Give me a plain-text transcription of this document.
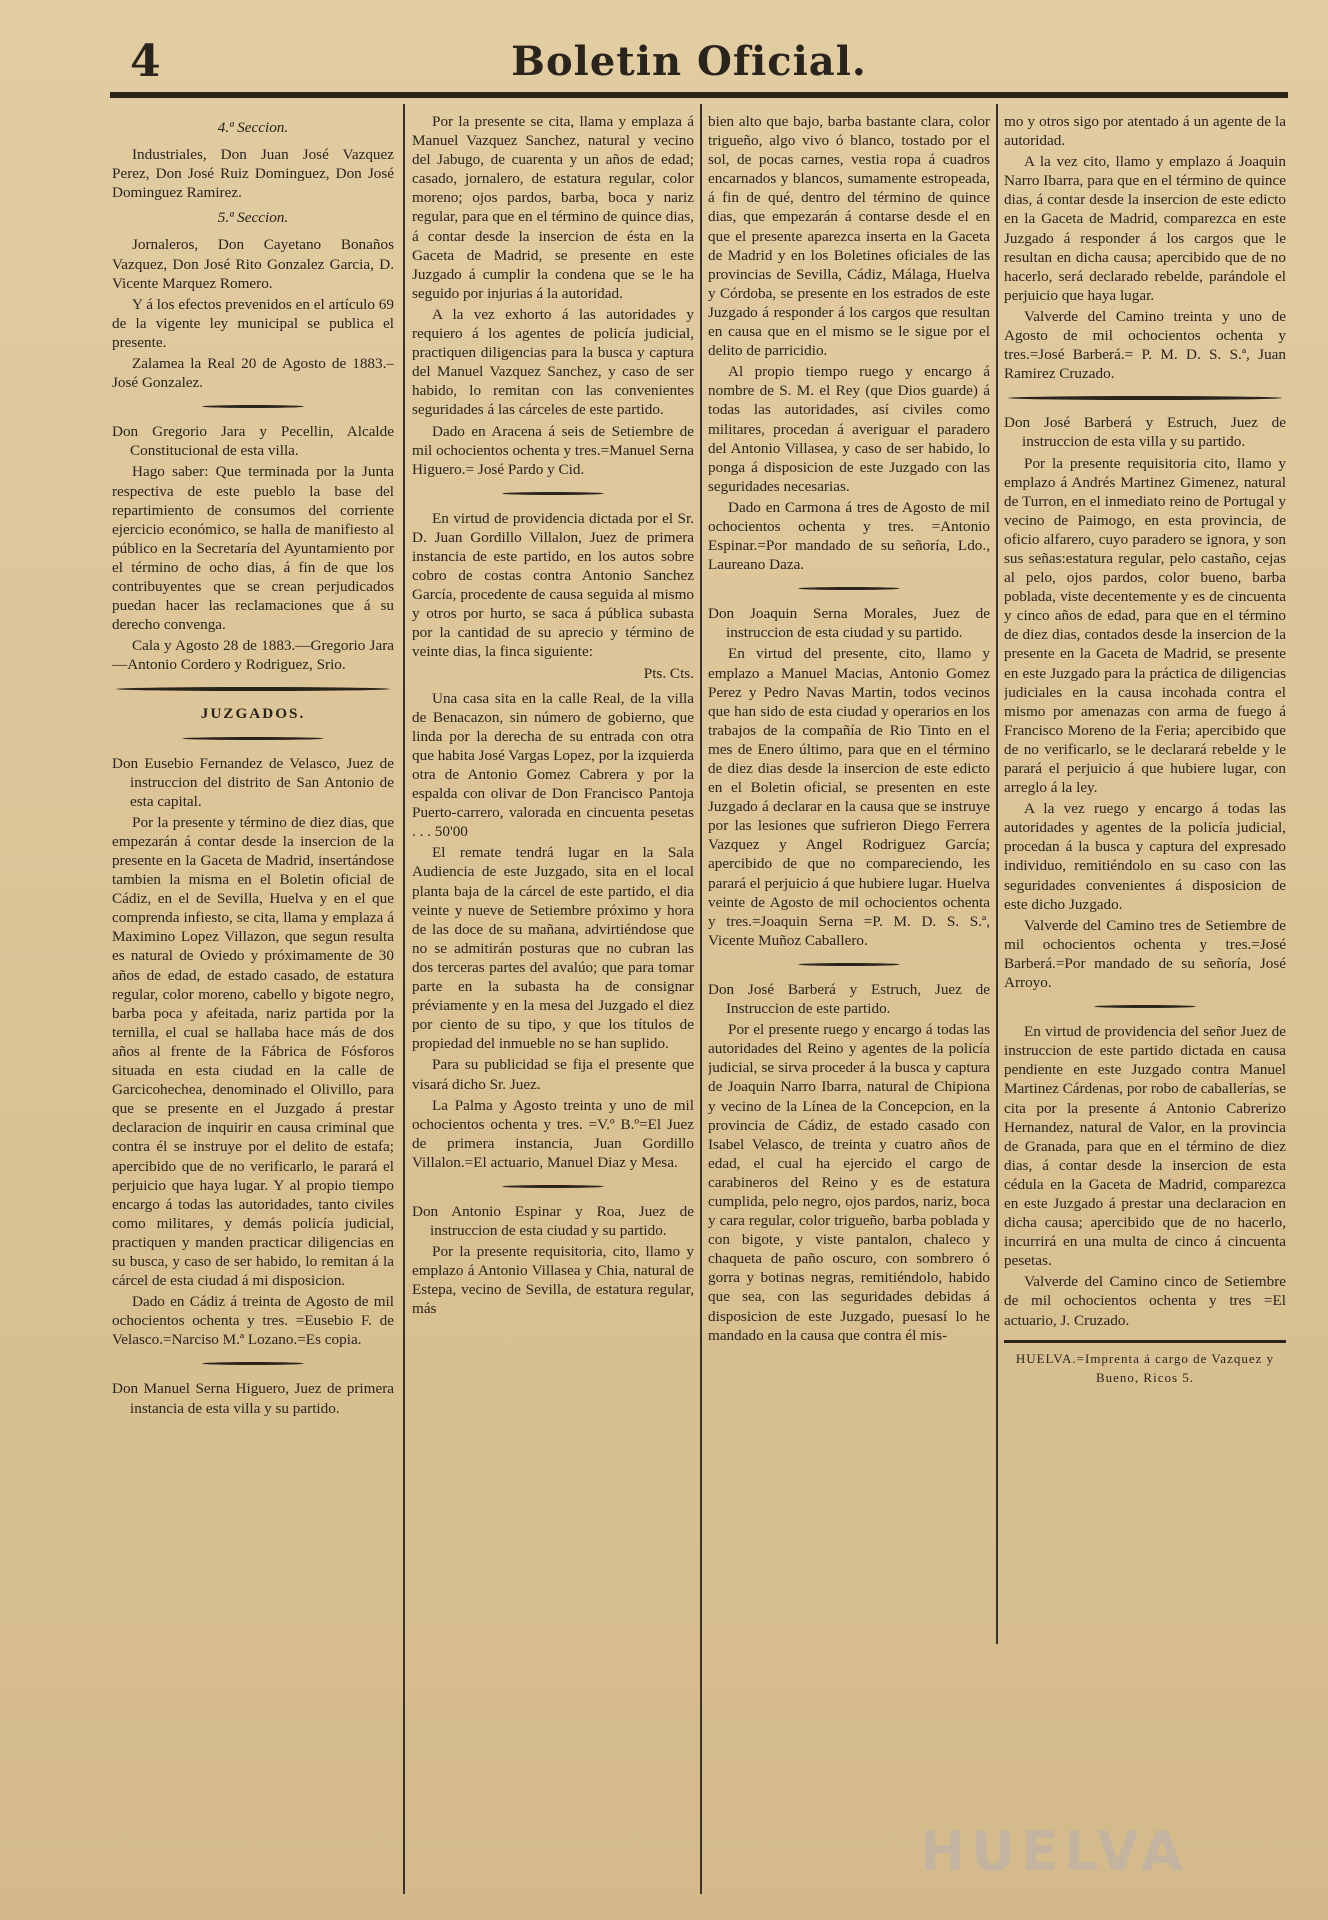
4	Boletin Oficial.

4.ª Seccion.

Industriales, Don Juan José Vazquez Perez, Don José Ruiz Dominguez, Don José Dominguez Ramirez.

5.ª Seccion.

Jornaleros, Don Cayetano Bonaños Vazquez, Don José Rito Gonzalez Garcia, D. Vicente Marquez Romero.

Y á los efectos prevenidos en el artículo 69 de la vigente ley municipal se publica el presente.

Zalamea la Real 20 de Agosto de 1883.–José Gonzalez.

Don Gregorio Jara y Pecellin, Alcalde Constitucional de esta villa.

Hago saber: Que terminada por la Junta respectiva de este pueblo la base del repartimiento de consumos del corriente ejercicio económico, se halla de manifiesto al público en la Secretaría del Ayuntamiento por el término de ocho dias, á fin de que los contribuyentes que se crean perjudicados puedan hacer las reclamaciones que á su derecho convenga.

Cala y Agosto 28 de 1883.—Gregorio Jara —Antonio Cordero y Rodriguez, Srio.

JUZGADOS.

Don Eusebio Fernandez de Velasco, Juez de instruccion del distrito de San Antonio de esta capital.

Por la presente y término de diez dias, que empezarán á contar desde la insercion de la presente en la Gaceta de Madrid, insertándose tambien la misma en el Boletin oficial de Cádiz, en el de Sevilla, Huelva y en el que comprenda infiesto, se cita, llama y emplaza á Maximino Lopez Villazon, que segun resulta es natural de Oviedo y próximamente de 30 años de edad, de estado casado, de estatura regular, color moreno, cabello y bigote negro, barba poca y afeitada, nariz partida por la ternilla, el cual se hallaba hace más de dos años al frente de la Fábrica de Fósforos situada en esta ciudad en la calle de Garcicohechea, denominado el Olivillo, para que se presente en el Juzgado á prestar declaracion de inquirir en causa criminal que contra él se instruye por el delito de estafa; apercibido que de no verificarlo, le parará el perjuicio que haya lugar. Y al propio tiempo encargo á todas las autoridades, tanto civiles como militares, y demás policía judicial, practiquen y manden practicar diligencias en su busca, y caso de ser habido, lo remitan á la cárcel de esta ciudad á mi disposicion.

Dado en Cádiz á treinta de Agosto de mil ochocientos ochenta y tres. =Eusebio F. de Velasco.=Narciso M.ª Lozano.=Es copia.

Don Manuel Serna Higuero, Juez de primera instancia de esta villa y su partido.

Por la presente se cita, llama y emplaza á Manuel Vazquez Sanchez, natural y vecino del Jabugo, de cuarenta y un años de edad; casado, jornalero, de estatura regular, color moreno; ojos pardos, barba, boca y nariz regular, para que en el término de quince dias, á contar desde la insercion de ésta en la Gaceta de Madrid, se presente en este Juzgado á cumplir la condena que se le ha seguido por injurias á la autoridad.

A la vez exhorto á las autoridades y requiero á los agentes de policía judicial, practiquen diligencias para la busca y captura del Manuel Vazquez Sanchez, y caso de ser habido, lo remitan con las convenientes seguridades á las cárceles de este partido.

Dado en Aracena á seis de Setiembre de mil ochocientos ochenta y tres.=Manuel Serna Higuero.= José Pardo y Cid.

En virtud de providencia dictada por el Sr. D. Juan Gordillo Villalon, Juez de primera instancia de este partido, en los autos sobre cobro de costas contra Antonio Sanchez García, procedente de causa seguida al mismo y otros por hurto, se saca á pública subasta por la cantidad de su aprecio y término de veinte dias, la finca siguiente:

Pts. Cts.

Una casa sita en la calle Real, de la villa de Benacazon, sin número de gobierno, que linda por la derecha de su entrada con otra que habita José Vargas Lopez, por la izquierda otra de Antonio Gomez Cabrera y por la espalda con olivar de Don Francisco Pantoja Puerto-carrero, valorada en cincuenta pesetas . . . 50'00

El remate tendrá lugar en la Sala Audiencia de este Juzgado, sita en el local planta baja de la cárcel de este partido, el dia veinte y nueve de Setiembre próximo y hora de las doce de su mañana, advirtiéndose que no se admitirán posturas que no cubran las dos terceras partes del avalúo; que para tomar parte en la subasta ha de consignar préviamente y en la mesa del Juzgado el diez por ciento de su tipo, y que los títulos de propiedad del inmueble no se han suplido.

Para su publicidad se fija el presente que visará dicho Sr. Juez.

La Palma y Agosto treinta y uno de mil ochocientos ochenta y tres. =V.º B.º=El Juez de primera instancia, Juan Gordillo Villalon.=El actuario, Manuel Diaz y Mesa.

Don Antonio Espinar y Roa, Juez de instruccion de esta ciudad y su partido.

Por la presente requisitoria, cito, llamo y emplazo á Antonio Villasea y Chia, natural de Estepa, vecino de Sevilla, de estatura regular, más

bien alto que bajo, barba bastante clara, color trigueño, algo vivo ó blanco, tostado por el sol, de pocas carnes, vestia ropa á cuadros encarnados y blancos, sumamente estropeada, á fin de qué, dentro del término de quince dias, que empezarán á contarse desde el en que el presente aparezca inserta en la Gaceta de Madrid y en los Boletines oficiales de las provincias de Sevilla, Cádiz, Málaga, Huelva y Córdoba, se presente en los estrados de este Juzgado á responder á los cargos que resultan en causa que en el mismo se le sigue por el delito de parricidio.

Al propio tiempo ruego y encargo á nombre de S. M. el Rey (que Dios guarde) á todas las autoridades, así civiles como militares, procedan á averiguar el paradero del Antonio Villasea, y caso de ser habido, lo ponga á disposicion de este Juzgado con las seguridades necesarias.

Dado en Carmona á tres de Agosto de mil ochocientos ochenta y tres. =Antonio Espinar.=Por mandado de su señoría, Ldo., Laureano Daza.

Don Joaquin Serna Morales, Juez de instruccion de esta ciudad y su partido.

En virtud del presente, cito, llamo y emplazo a Manuel Macias, Antonio Gomez Perez y Pedro Navas Martin, todos vecinos que han sido de esta ciudad y operarios en los trabajos de la compañía de Rio Tinto en el mes de Enero último, para que en el término de diez dias desde la insercion de este edicto en el Boletin oficial, se presenten en este Juzgado á declarar en la causa que se instruye por las lesiones que sufrieron Diego Ferrera Vazquez y Angel Rodriguez García; apercibido de que no compareciendo, les parará el perjuicio á que hubiere lugar. Huelva veinte de Agosto de mil ochocientos ochenta y tres.=Joaquin Serna =P. M. D. S. S.ª, Vicente Muñoz Caballero.

Don José Barberá y Estruch, Juez de Instruccion de este partido.

Por el presente ruego y encargo á todas las autoridades del Reino y agentes de la policía judicial, se sirva proceder á la busca y captura de Joaquin Narro Ibarra, natural de Chipiona y vecino de la Línea de la Concepcion, en la provincia de Cádiz, de estado casado con Isabel Velasco, de treinta y cuatro años de edad, el cual ha ejercido el cargo de carabineros del Reino y es de estatura cumplida, pelo negro, ojos pardos, nariz, boca y cara regular, color trigueño, barba poblada y con bigote, y viste pantalon, chaleco y chaqueta de paño oscuro, con sombrero ó gorra y botinas negras, remitiéndolo, habido que sea, con las seguridades debidas á disposicion de este Juzgado, puesasí lo he mandado en la causa que contra él mis-

mo y otros sigo por atentado á un agente de la autoridad.

A la vez cito, llamo y emplazo á Joaquin Narro Ibarra, para que en el término de quince dias, á contar desde la insercion de este edicto en la Gaceta de Madrid, comparezca en este Juzgado á responder á los cargos que le resultan en dicha causa; apercibido que de no hacerlo, será declarado rebelde, parándole el perjuicio que haya lugar.

Valverde del Camino treinta y uno de Agosto de mil ochocientos ochenta y tres.=José Barberá.= P. M. D. S. S.ª, Juan Ramirez Cruzado.

Don José Barberá y Estruch, Juez de instruccion de esta villa y su partido.

Por la presente requisitoria cito, llamo y emplazo á Andrés Martinez Gimenez, natural de Turron, en el inmediato reino de Portugal y vecino de Paimogo, en esta provincia, de oficio alfarero, cuyo paradero se ignora, y son sus señas:estatura regular, pelo castaño, cejas al pelo, ojos pardos, color bueno, barba poblada, viste decentemente y es de cincuenta y cinco años de edad, para que en el término de diez dias, contados desde la insercion de la presente en la Gaceta de Madrid, se presente en este Juzgado para la práctica de diligencias judiciales en la causa incohada contra el mismo por amenazas con arma de fuego á Francisco Moreno de la Feria; apercibido que de no verificarlo, se le declarará rebelde y le parará el perjuicio á que hubiere lugar, con arreglo á la ley.

A la vez ruego y encargo á todas las autoridades y agentes de la policía judicial, procedan á la busca y captura del expresado individuo, remitiéndolo en su caso con las seguridades convenientes á disposicion de este dicho Juzgado.

Valverde del Camino tres de Setiembre de mil ochocientos ochenta y tres.=José Barberá.=Por mandado de su señoría, José Arroyo.

En virtud de providencia del señor Juez de instruccion de este partido dictada en causa pendiente en este Juzgado contra Manuel Martinez Cárdenas, por robo de caballerías, se cita por la presente á Antonio Cabrerizo Hernandez, natural de Valor, en la provincia de Granada, para que en el término de diez dias, á contar desde la insercion de esta cédula en la Gaceta de Madrid, comparezca en este Juzgado á prestar una declaracion en dicha causa; apercibido que de no hacerlo, incurrirá en una multa de cinco á cincuenta pesetas.

Valverde del Camino cinco de Setiembre de mil ochocientos ochenta y tres =El actuario, J. Cruzado.

HUELVA.=Imprenta á cargo de Vazquez y Bueno, Ricos 5.

HUELVA
